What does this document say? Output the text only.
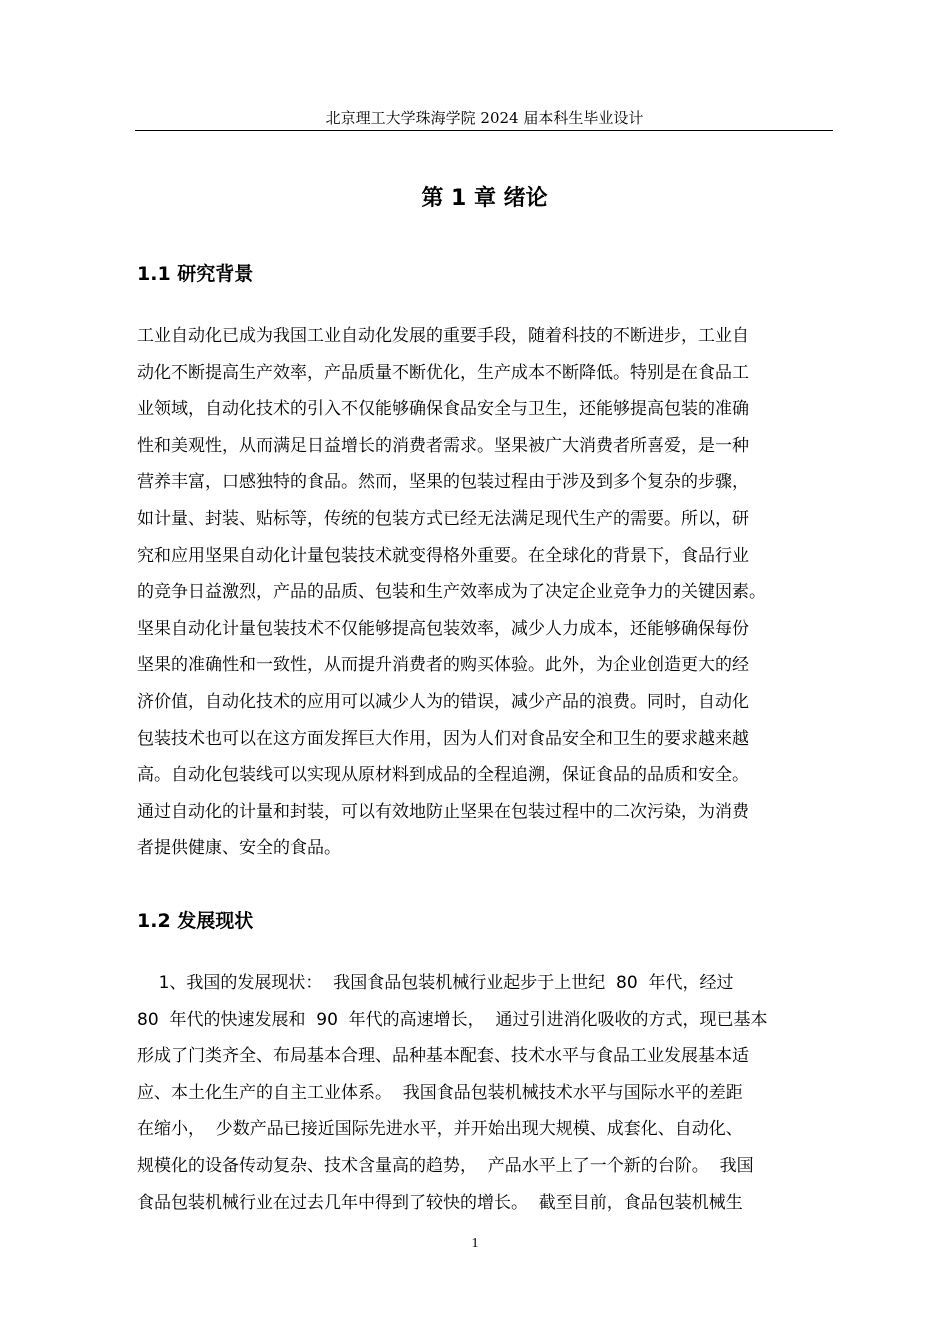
北京理工大学珠海学院 2024 届本科生毕业设计
第 1 章 绪论
1.1 研究背景
工业自动化已成为我国工业自动化发展的重要手段，随着科技的不断进步，工业自
动化不断提高生产效率，产品质量不断优化，生产成本不断降低。特别是在食品工
业领域，自动化技术的引入不仅能够确保食品安全与卫生，还能够提高包装的准确
性和美观性，从而满足日益增长的消费者需求。坚果被广大消费者所喜爱，是一种
营养丰富，口感独特的食品。然而，坚果的包装过程由于涉及到多个复杂的步骤，
如计量、封装、贴标等，传统的包装方式已经无法满足现代生产的需要。所以，研
究和应用坚果自动化计量包装技术就变得格外重要。在全球化的背景下，食品行业
的竞争日益激烈，产品的品质、包装和生产效率成为了决定企业竞争力的关键因素。
坚果自动化计量包装技术不仅能够提高包装效率，减少人力成本，还能够确保每份
坚果的准确性和一致性，从而提升消费者的购买体验。此外，为企业创造更大的经
济价值，自动化技术的应用可以减少人为的错误，减少产品的浪费。同时，自动化
包装技术也可以在这方面发挥巨大作用，因为人们对食品安全和卫生的要求越来越
高。自动化包装线可以实现从原材料到成品的全程追溯，保证食品的品质和安全。
通过自动化的计量和封装，可以有效地防止坚果在包装过程中的二次污染，为消费
者提供健康、安全的食品。
1.2 发展现状
1、我国的发展现状：  我国食品包装机械行业起步于上世纪  80  年代，经过
80  年代的快速发展和  90  年代的高速增长，  通过引进消化吸收的方式，现已基本
形成了门类齐全、布局基本合理、品种基本配套、技术水平与食品工业发展基本适
应、本土化生产的自主工业体系。  我国食品包装机械技术水平与国际水平的差距
在缩小，  少数产品已接近国际先进水平，并开始出现大规模、成套化、自动化、
规模化的设备传动复杂、技术含量高的趋势，  产品水平上了一个新的台阶。  我国
食品包装机械行业在过去几年中得到了较快的增长。  截至目前，食品包装机械生
1
